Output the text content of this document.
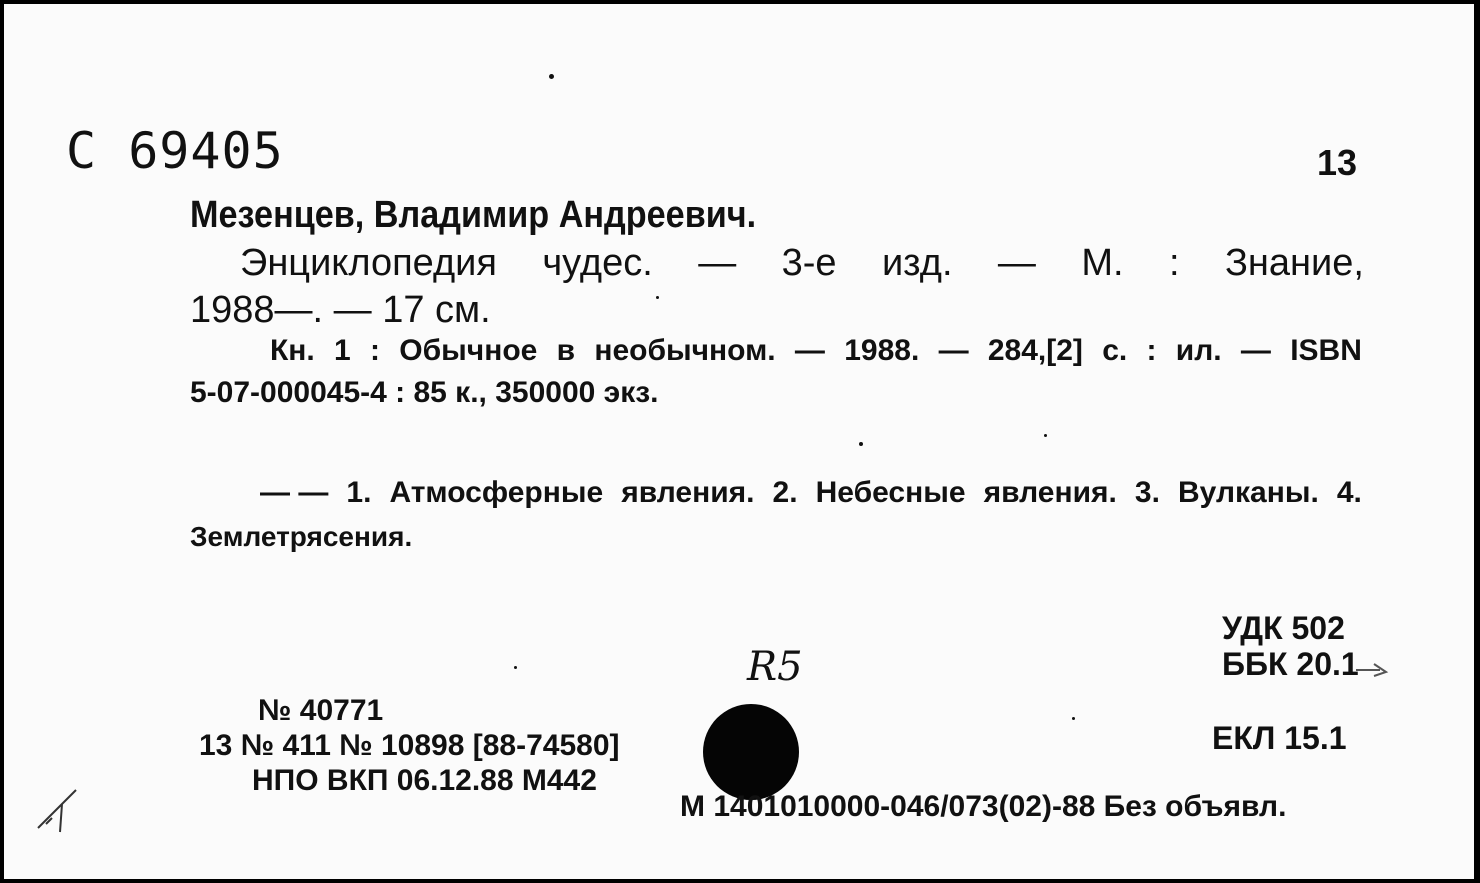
С 69405	13
Мезенцев, Владимир Андреевич.
Энциклопедия чудес. — 3-е изд. — М. : Знание,
1988—. — 17 см.
Кн. 1 : Обычное в необычном. — 1988. — 284,[2] с. : ил. — ISBN
5-07-000045-4 : 85 к., 350000 экз.
— — 1. Атмосферные явления. 2. Небесные явления. 3. Вулканы. 4.
Землетрясения.
УДК 502
ББК 20.1
ЕКЛ 15.1
R5
№ 40771
13 № 411 № 10898 [88-74580]
НПО ВКП 06.12.88 М442
М 1401010000-046/073(02)-88 Без объявл.
